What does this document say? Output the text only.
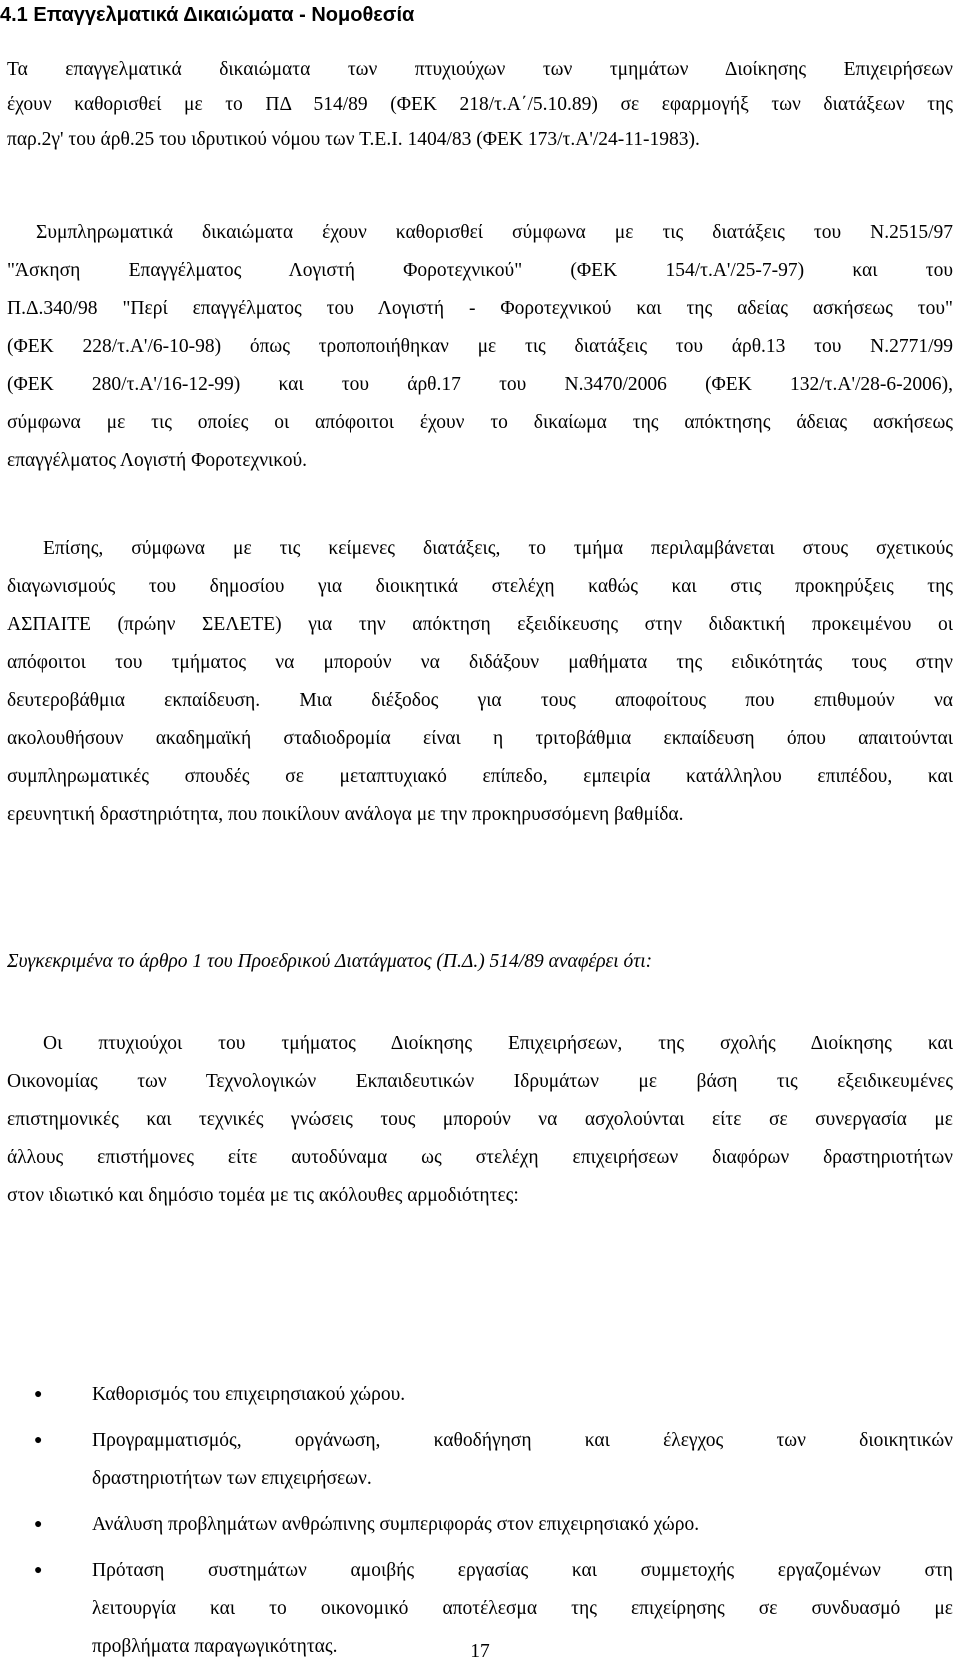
4.1 Επαγγελματικά Δικαιώματα - Νομοθεσία
Τα επαγγελματικά δικαιώματα των πτυχιούχων των τμημάτων Διοίκησης Επιχειρήσεων
έχουν καθορισθεί με το ΠΔ 514/89 (ΦΕΚ 218/τ.Α΄/5.10.89) σε εφαρμογήξ των διατάξεων της
παρ.2γ' του άρθ.25 του ιδρυτικού νόμου των Τ.Ε.Ι. 1404/83 (ΦΕΚ 173/τ.Α'/24-11-1983).
Συμπληρωματικά δικαιώματα έχουν καθορισθεί σύμφωνα με τις διατάξεις του Ν.2515/97
"Άσκηση Επαγγέλματος Λογιστή Φοροτεχνικού" (ΦΕΚ 154/τ.Α'/25-7-97) και του
Π.Δ.340/98 "Περί επαγγέλματος του Λογιστή - Φοροτεχνικού και της αδείας ασκήσεως του"
(ΦΕΚ 228/τ.Α'/6-10-98) όπως τροποποιήθηκαν με τις διατάξεις του άρθ.13 του Ν.2771/99
(ΦΕΚ 280/τ.Α'/16-12-99) και του άρθ.17 του Ν.3470/2006 (ΦΕΚ 132/τ.Α'/28-6-2006),
σύμφωνα με τις οποίες οι απόφοιτοι έχουν το δικαίωμα της απόκτησης άδειας ασκήσεως
επαγγέλματος Λογιστή Φοροτεχνικού.
Επίσης, σύμφωνα με τις κείμενες διατάξεις, το τμήμα περιλαμβάνεται στους σχετικούς
διαγωνισμούς του δημοσίου για διοικητικά στελέχη καθώς και στις προκηρύξεις της
ΑΣΠΑΙΤΕ (πρώην ΣΕΛΕΤΕ) για την απόκτηση εξειδίκευσης στην διδακτική προκειμένου οι
απόφοιτοι του τμήματος να μπορούν να διδάξουν μαθήματα της ειδικότητάς τους στην
δευτεροβάθμια εκπαίδευση. Μια διέξοδος για τους αποφοίτους που επιθυμούν να
ακολουθήσουν ακαδημαϊκή σταδιοδρομία είναι η τριτοβάθμια εκπαίδευση όπου απαιτούνται
συμπληρωματικές σπουδές σε μεταπτυχιακό επίπεδο, εμπειρία κατάλληλου επιπέδου, και
ερευνητική δραστηριότητα, που ποικίλουν ανάλογα με την προκηρυσσόμενη βαθμίδα.
Συγκεκριμένα το άρθρο 1 του Προεδρικού Διατάγματος (Π.Δ.) 514/89 αναφέρει ότι:
Οι πτυχιούχοι του τμήματος Διοίκησης Επιχειρήσεων, της σχολής Διοίκησης και
Οικονομίας των Τεχνολογικών Εκπαιδευτικών Ιδρυμάτων με βάση τις εξειδικευμένες
επιστημονικές και τεχνικές γνώσεις τους μπορούν να ασχολούνται είτε σε συνεργασία με
άλλους επιστήμονες είτε αυτοδύναμα ως στελέχη επιχειρήσεων διαφόρων δραστηριοτήτων
στον ιδιωτικό και δημόσιο τομέα με τις ακόλουθες αρμοδιότητες:
●	Καθορισμός του επιχειρησιακού χώρου.
●	Προγραμματισμός, οργάνωση, καθοδήγηση και έλεγχος των διοικητικών
δραστηριοτήτων των επιχειρήσεων.
●	Ανάλυση προβλημάτων ανθρώπινης συμπεριφοράς στον επιχειρησιακό χώρο.
●	Πρόταση συστημάτων αμοιβής εργασίας και συμμετοχής εργαζομένων στη
λειτουργία και το οικονομικό αποτέλεσμα της επιχείρησης σε συνδυασμό με
προβλήματα παραγωγικότητας.	17
